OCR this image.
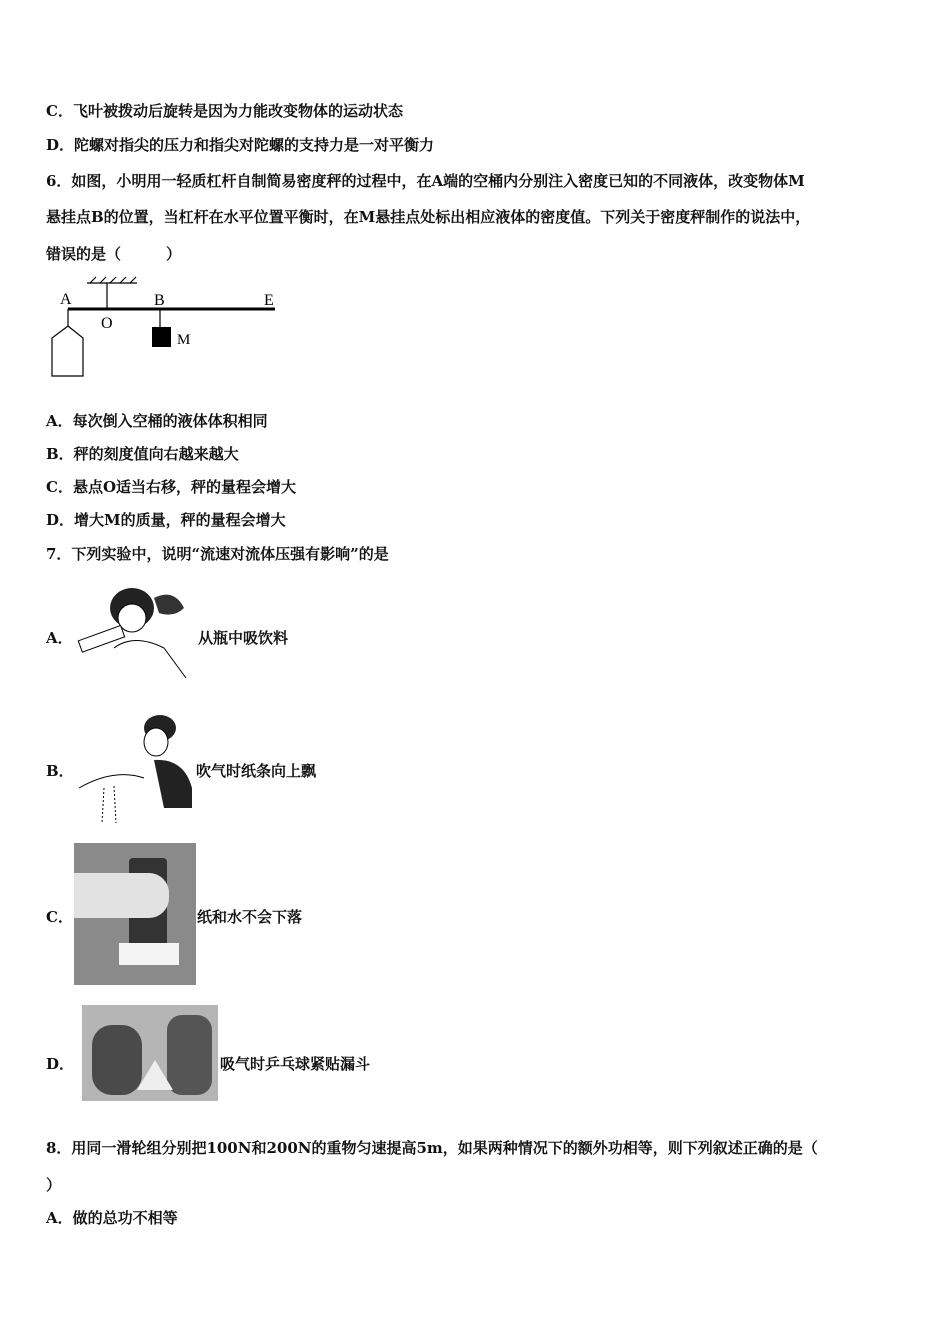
C．飞叶被拨动后旋转是因为力能改变物体的运动状态
D．陀螺对指尖的压力和指尖对陀螺的支持力是一对平衡力
6．如图，小明用一轻质杠杆自制简易密度秤的过程中，在A端的空桶内分别注入密度已知的不同液体，改变物体M
悬挂点B的位置，当杠杆在水平位置平衡时，在M悬挂点处标出相应液体的密度值。下列关于密度秤制作的说法中，
错误的是（　　　）
A
O
B	E
M
A．每次倒入空桶的液体体积相同
B．秤的刻度值向右越来越大
C．悬点O适当右移，秤的量程会增大
D．增大M的质量，秤的量程会增大
7．下列实验中，说明“流速对流体压强有影响”的是
A．	从瓶中吸饮料
B．	吹气时纸条向上飘
C．	纸和水不会下落
D．	吸气时乒乓球紧贴漏斗
8．用同一滑轮组分别把100N和200N的重物匀速提高5m，如果两种情况下的额外功相等，则下列叙述正确的是（
）
A．做的总功不相等
